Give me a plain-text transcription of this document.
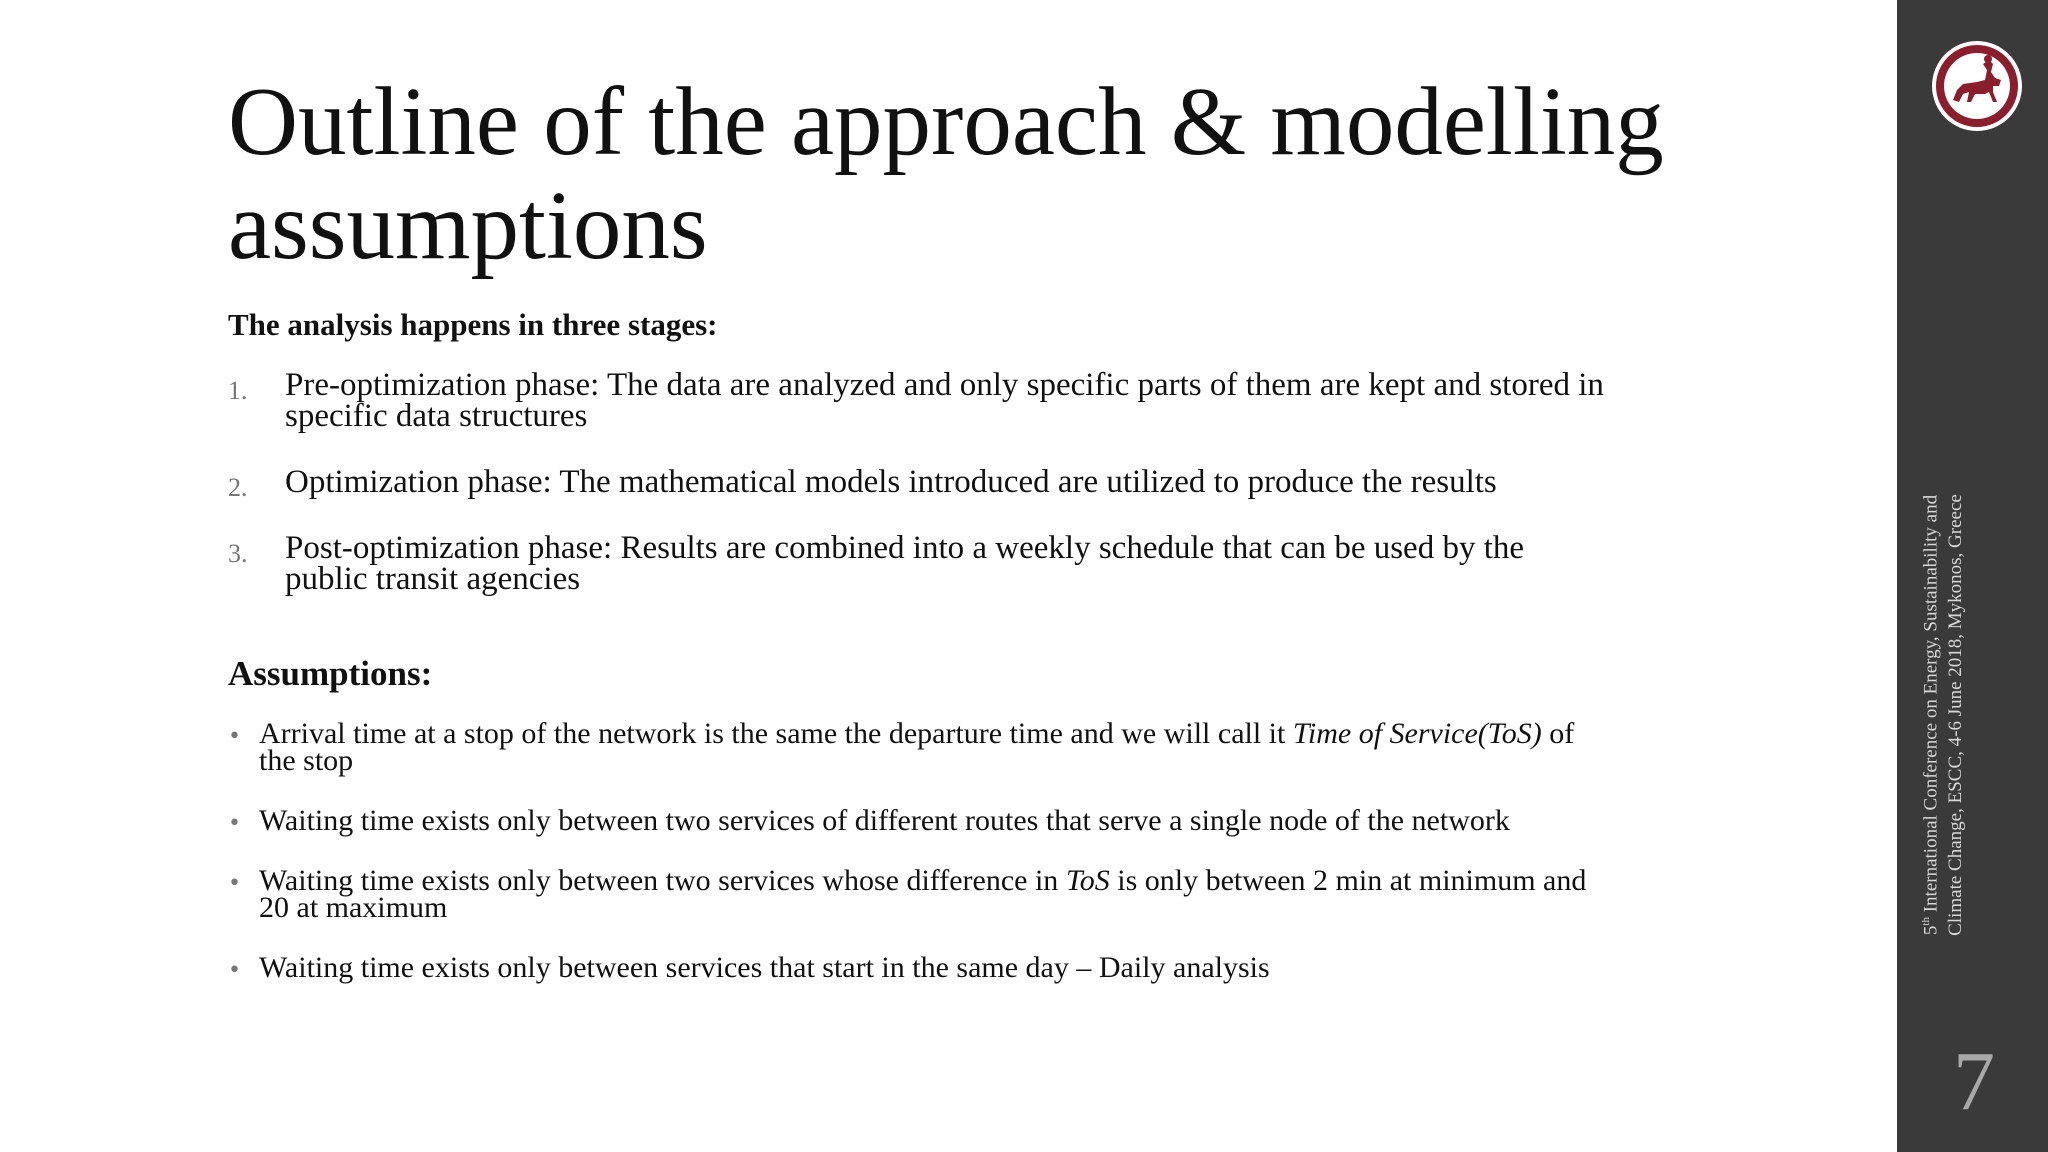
Outline of the approach & modelling assumptions

The analysis happens in three stages:

1. Pre-optimization phase: The data are analyzed and only specific parts of them are kept and stored in specific data structures
2. Optimization phase: The mathematical models introduced are utilized to produce the results
3. Post-optimization phase: Results are combined into a weekly schedule that can be used by the public transit agencies

Assumptions:

• Arrival time at a stop of the network is the same the departure time and we will call it Time of Service(ToS) of the stop
• Waiting time exists only between two services of different routes that serve a single node of the network
• Waiting time exists only between two services whose difference in ToS is only between 2 min at minimum and 20 at maximum
• Waiting time exists only between services that start in the same day – Daily analysis
5th International Conference on Energy, Sustainability and Climate Change, ESCC, 4-6 June 2018, Mykonos, Greece
7
